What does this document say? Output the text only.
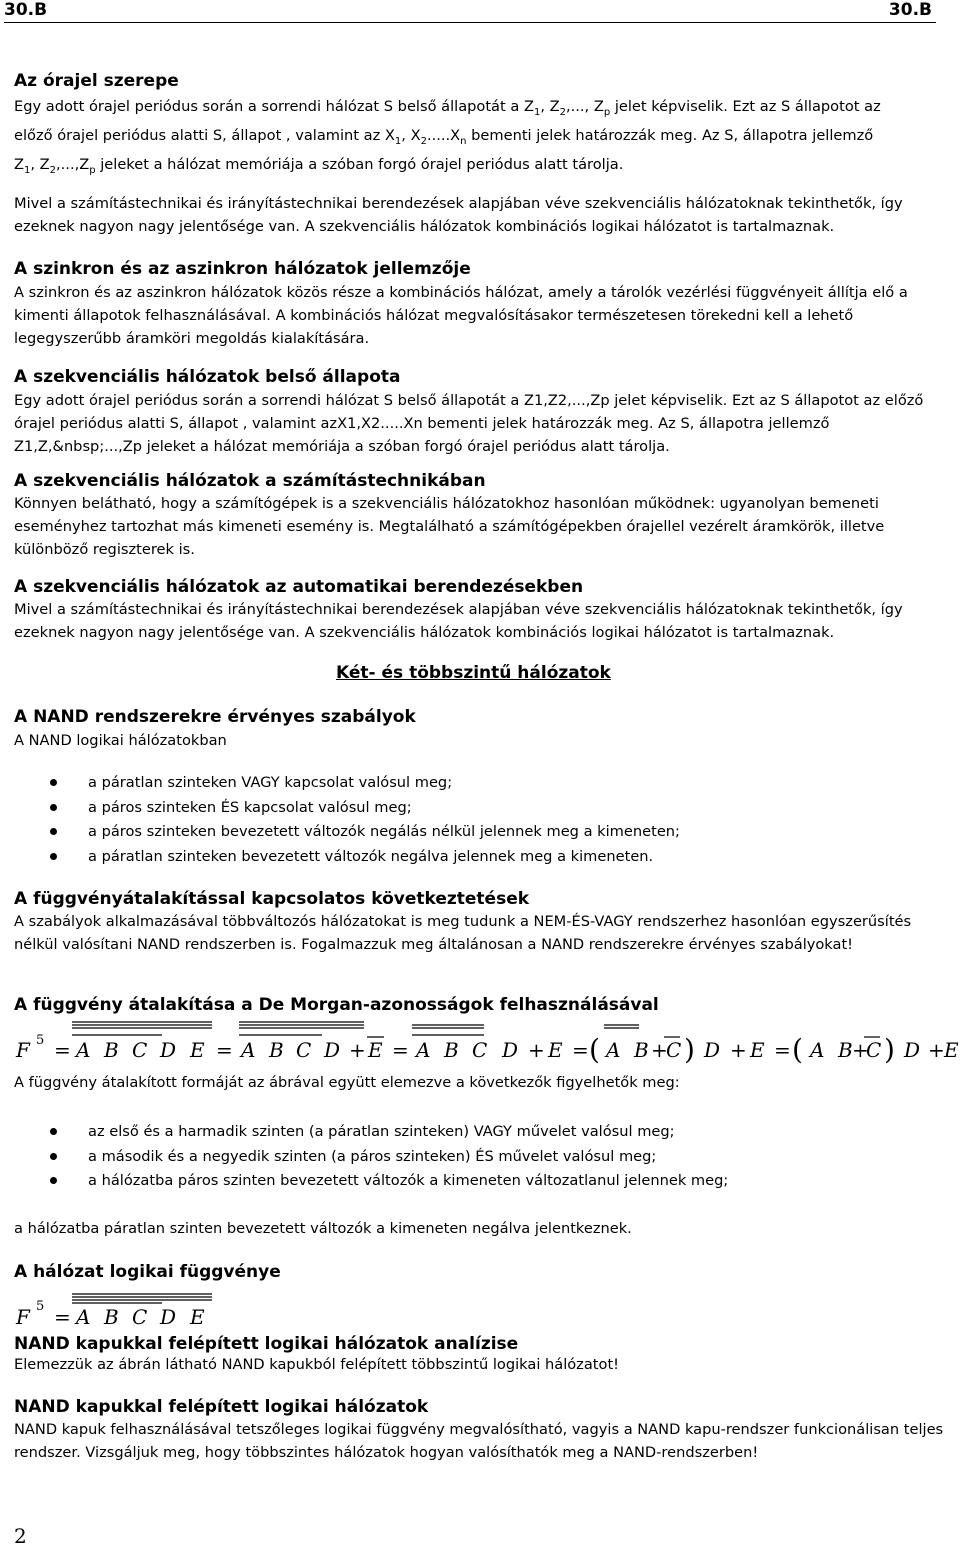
30.B	30.B
Az órajel szerepe
Egy adott órajel periódus során a sorrendi hálózat S belső állapotát a $Z_1$, $Z_2$,..., $Z_p$ jelet képviselik. Ezt az S állapotot az
előző órajel periódus alatti S, állapot , valamint az $X_1$, $X_2.....X_n$ bementi jelek határozzák meg. Az S, állapotra jellemző
$Z_1$, $Z_2,...,Z_p$ jeleket a hálózat memóriája a szóban forgó órajel periódus alatt tárolja.
Mivel a számítástechnikai és irányítástechnikai berendezések alapjában véve szekvenciális hálózatoknak tekinthetők, így ezeknek nagyon nagy jelentősége van. A szekvenciális hálózatok kombinációs logikai hálózatot is tartalmaznak.
A szinkron és az aszinkron hálózatok jellemzője
A szinkron és az aszinkron hálózatok közös része a kombinációs hálózat, amely a tárolók vezérlési függvényeit állítja elő a kimenti állapotok felhasználásával. A kombinációs hálózat megvalósításakor természetesen törekedni kell a lehető legegyszerűbb áramköri megoldás kialakítására.
A szekvenciális hálózatok belső állapota
Egy adott órajel periódus során a sorrendi hálózat S belső állapotát a Z1,Z2,...,Zp jelet képviselik. Ezt az S állapotot az előző órajel periódus alatti S, állapot , valamint azX1,X2.....Xn bementi jelek határozzák meg. Az S, állapotra jellemző Z1,Z,&nbsp;...,Zp jeleket a hálózat memóriája a szóban forgó órajel periódus alatt tárolja.
A szekvenciális hálózatok a számítástechnikában
Könnyen belátható, hogy a számítógépek is a szekvenciális hálózatokhoz hasonlóan működnek: ugyanolyan bemeneti eseményhez tartozhat más kimeneti esemény is. Megtalálható a számítógépekben órajellel vezérelt áramkörök, illetve különböző regiszterek is.
A szekvenciális hálózatok az automatikai berendezésekben
Mivel a számítástechnikai és irányítástechnikai berendezések alapjában véve szekvenciális hálózatoknak tekinthetők, így ezeknek nagyon nagy jelentősége van. A szekvenciális hálózatok kombinációs logikai hálózatot is tartalmaznak.
Két- és többszintű hálózatok
A NAND rendszerekre érvényes szabályok
A NAND logikai hálózatokban
a páratlan szinteken VAGY kapcsolat valósul meg;
a páros szinteken ÉS kapcsolat valósul meg;
a páros szinteken bevezetett változók negálás nélkül jelennek meg a kimeneten;
a páratlan szinteken bevezetett változók negálva jelennek meg a kimeneten.
A függvényátalakítással kapcsolatos következtetések
A szabályok alkalmazásával többváltozós hálózatokat is meg tudunk a NEM-ÉS-VAGY rendszerhez hasonlóan egyszerűsítés nélkül valósítani NAND rendszerben is. Fogalmazzuk meg általánosan a NAND rendszerekre érvényes szabályokat!
A függvény átalakítása a De Morgan-azonosságok felhasználásával
F 5 = A B C D E = A B C D + E = A B C D + E = ( A B +
C ) D + E = ( A B +
C ) D + E
A függvény átalakított formáját az ábrával együtt elemezve a következők figyelhetők meg:
az első és a harmadik szinten (a páratlan szinteken) VAGY művelet valósul meg;
a második és a negyedik szinten (a páros szinteken) ÉS művelet valósul meg;
a hálózatba páros szinten bevezetett változók a kimeneten változatlanul jelennek meg;
a hálózatba páratlan szinten bevezetett változók a kimeneten negálva jelentkeznek.
A hálózat logikai függvénye
F 5 = A B C D E
NAND kapukkal felépített logikai hálózatok analízise
Elemezzük az ábrán látható NAND kapukból felépített többszintű logikai hálózatot!
NAND kapukkal felépített logikai hálózatok
NAND kapuk felhasználásával tetszőleges logikai függvény megvalósítható, vagyis a NAND kapu-rendszer funkcionálisan teljes rendszer. Vizsgáljuk meg, hogy többszintes hálózatok hogyan valósíthatók meg a NAND-rendszerben!
2
